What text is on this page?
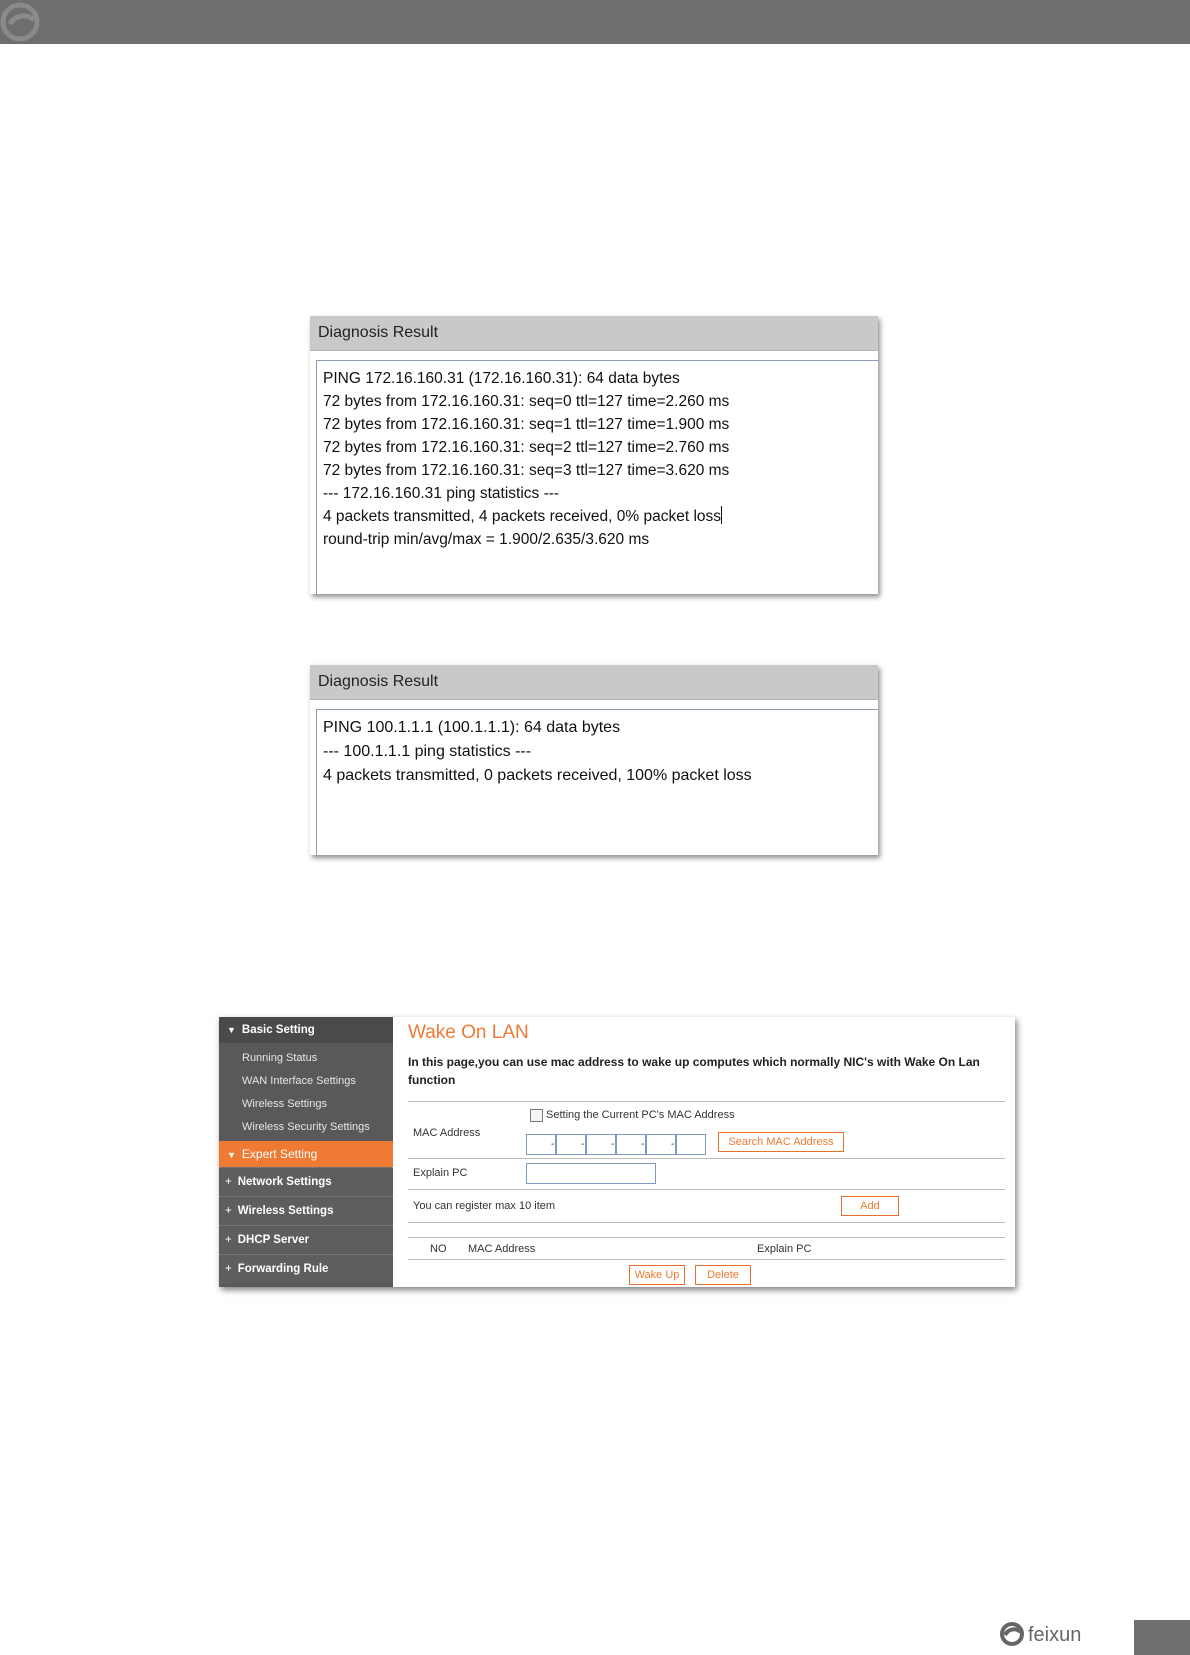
Diagnosis Result
PING 172.16.160.31 (172.16.160.31): 64 data bytes
72 bytes from 172.16.160.31: seq=0 ttl=127 time=2.260 ms
72 bytes from 172.16.160.31: seq=1 ttl=127 time=1.900 ms
72 bytes from 172.16.160.31: seq=2 ttl=127 time=2.760 ms
72 bytes from 172.16.160.31: seq=3 ttl=127 time=3.620 ms
--- 172.16.160.31 ping statistics ---
4 packets transmitted, 4 packets received, 0% packet loss
round-trip min/avg/max = 1.900/2.635/3.620 ms
Diagnosis Result
PING 100.1.1.1 (100.1.1.1): 64 data bytes
--- 100.1.1.1 ping statistics ---
4 packets transmitted, 0 packets received, 100% packet loss
▼ Basic Setting
Running Status
WAN Interface Settings
Wireless Settings
Wireless Security Settings
▼ Expert Setting
+ Network Settings
+ Wireless Settings
+ DHCP Server
+ Forwarding Rule
Wake On LAN
In this page,you can use mac address to wake up computes which normally NIC's with Wake On Lan function
Setting the Current PC's MAC Address
MAC Address
-	-	-	-	-	Search MAC Address
Explain PC
You can register max 10 item	Add
NO MAC Address	Explain PC
Wake Up	Delete
feixun
